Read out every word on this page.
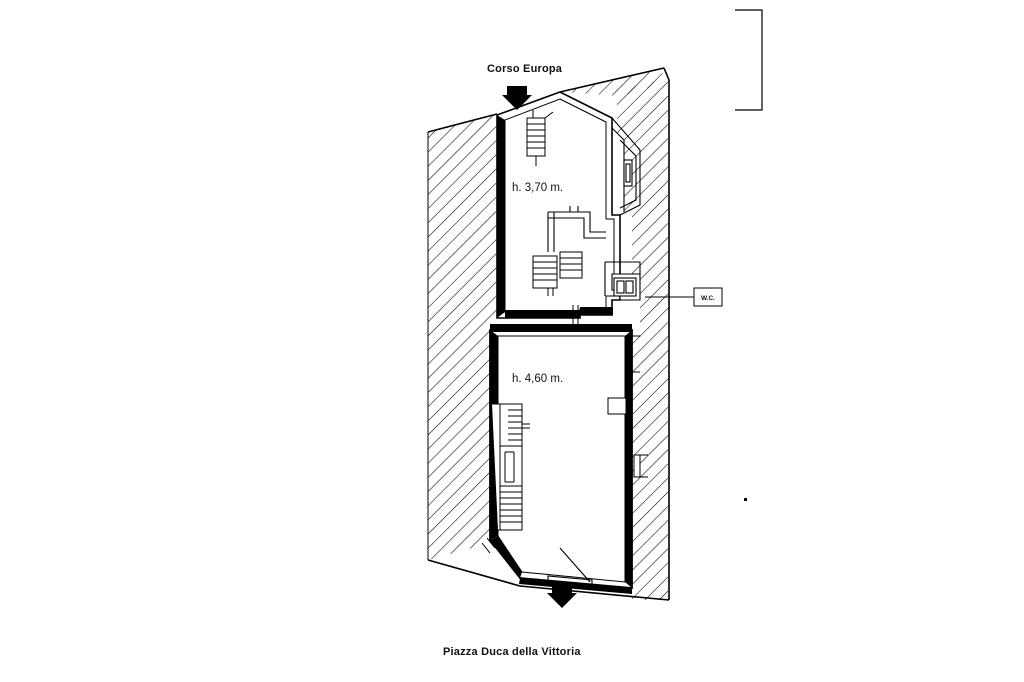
W.C.
Corso Europa
h. 3,70 m.
h. 4,60 m.
Piazza Duca della Vittoria
